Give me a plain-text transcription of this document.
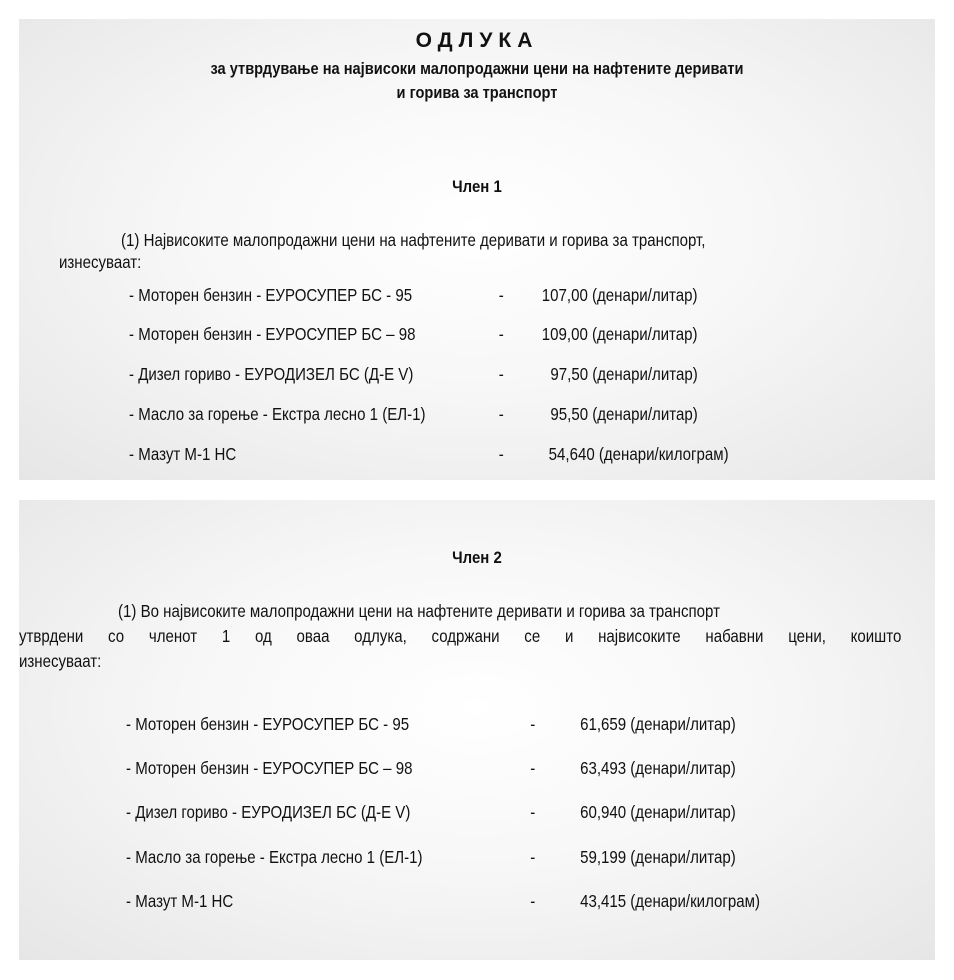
ОДЛУКА
за утврдување на највисоки малопродажни цени на нафтените деривати
и горива за транспорт
Член 1
(1) Највисоките малопродажни цени на нафтените деривати и горива за транспорт,
изнесуваат:
- Моторен бензин - ЕУРОСУПЕР БС - 95	- 107,00 (денари/литар)
- Моторен бензин - ЕУРОСУПЕР БС – 98	- 109,00 (денари/литар)
- Дизел гориво - ЕУРОДИЗЕЛ БС (Д-Е V)	-	97,50 (денари/литар)
- Масло за горење - Екстра лесно 1 (ЕЛ-1)	-	95,50 (денари/литар)
- Мазут М-1 НС	-	54,640 (денари/килограм)
Член 2
(1) Во највисоките малопродажни цени на нафтените деривати и горива за транспорт
утврдени со членот 1 од оваа одлука, содржани се и највисоките набавни цени, коишто
изнесуваат:
- Моторен бензин - ЕУРОСУПЕР БС - 95	-	61,659 (денари/литар)
- Моторен бензин - ЕУРОСУПЕР БС – 98	-	63,493 (денари/литар)
- Дизел гориво - ЕУРОДИЗЕЛ БС (Д-Е V)	-	60,940 (денари/литар)
- Масло за горење - Екстра лесно 1 (ЕЛ-1)	-	59,199 (денари/литар)
- Мазут М-1 НС	-	43,415 (денари/килограм)
